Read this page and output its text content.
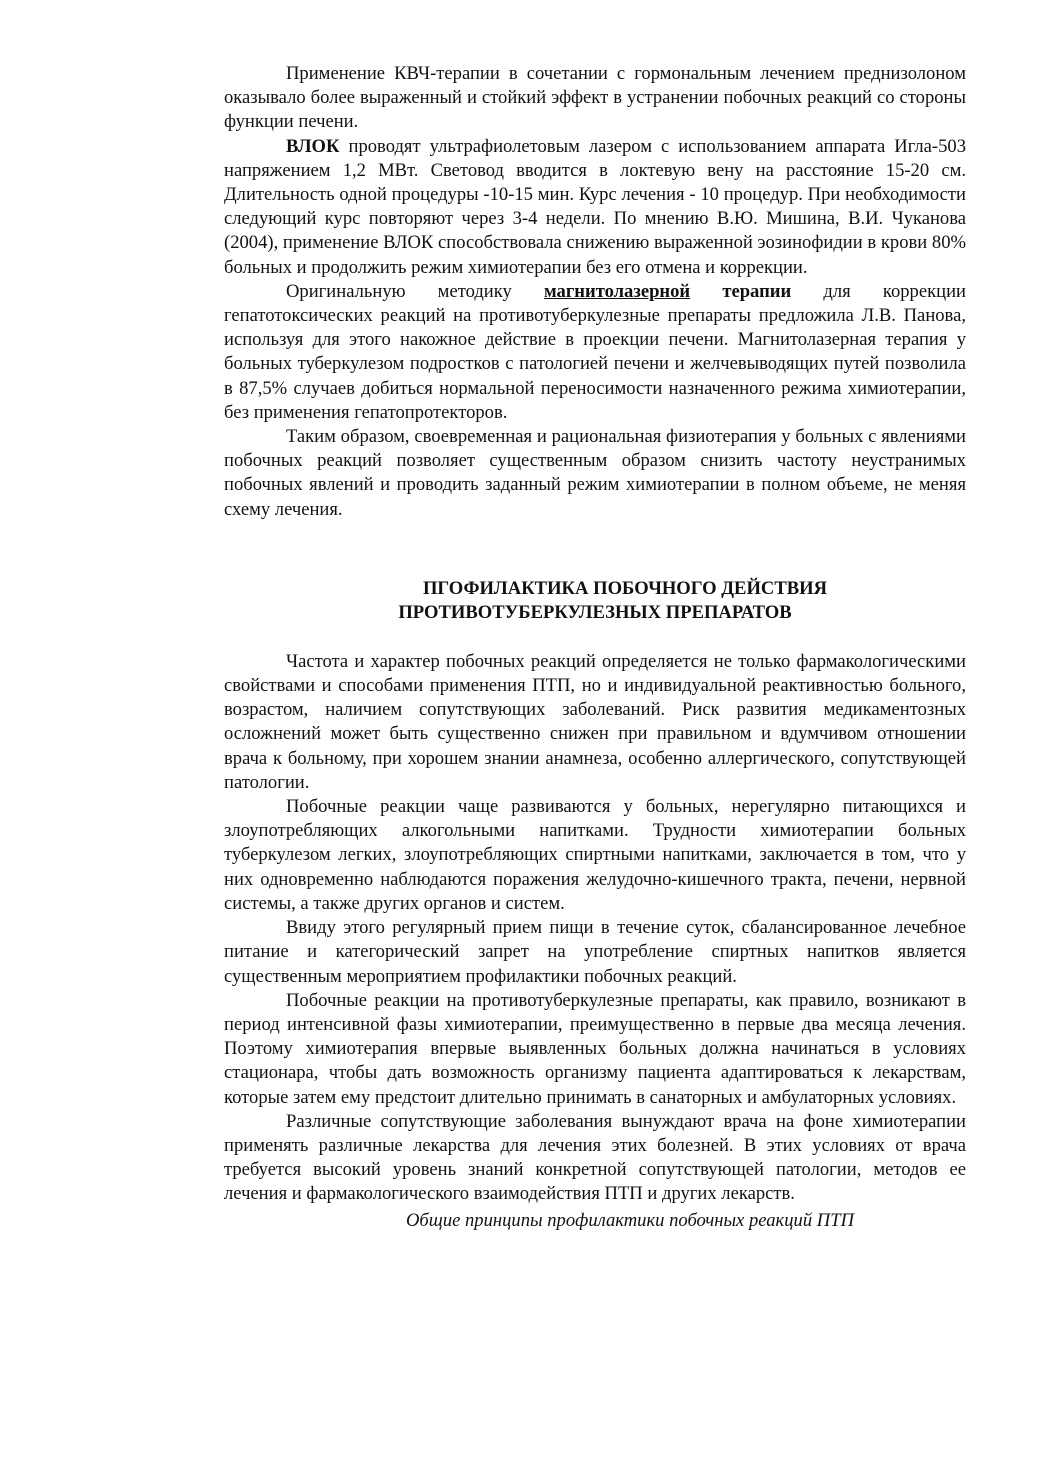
Применение КВЧ-терапии в сочетании с гормональным лечением преднизолоном оказывало более выраженный и стойкий эффект в устранении побочных реакций со стороны функции печени.

ВЛОК проводят ультрафиолетовым лазером с использованием аппарата Игла-503 напряжением 1,2 МВт. Световод вводится в локтевую вену на расстояние 15-20 см. Длительность одной процедуры -10-15 мин. Курс лечения - 10 процедур. При необходимости следующий курс повторяют через 3-4 недели. По мнению В.Ю. Мишина, В.И. Чуканова (2004), применение ВЛОК способствовала снижению выраженной эозинофидии в крови 80% больных и продолжить режим химиотерапии без его отмена и коррекции.

Оригинальную методику магнитолазерной терапии для коррекции гепатотоксических реакций на противотуберкулезные препараты предложила Л.В. Панова, используя для этого накожное действие в проекции печени. Магнитолазерная терапия у больных туберкулезом подростков с патологией печени и желчевыводящих путей позволила в 87,5% случаев добиться нормальной переносимости назначенного режима химиотерапии, без применения гепатопротекторов.

Таким образом, своевременная и рациональная физиотерапия у больных с явлениями побочных реакций позволяет существенным образом снизить частоту неустранимых побочных явлений и проводить заданный режим химиотерапии в полном объеме, не меняя схему лечения.

ПГОФИЛАКТИКА ПОБОЧНОГО ДЕЙСТВИЯ
ПРОТИВОТУБЕРКУЛЕЗНЫХ ПРЕПАРАТОВ

Частота и характер побочных реакций определяется не только фармакологическими свойствами и способами применения ПТП, но и индивидуальной реактивностью больного, возрастом, наличием сопутствующих заболеваний. Риск развития медикаментозных осложнений может быть существенно снижен при правильном и вдумчивом отношении врача к больному, при хорошем знании анамнеза, особенно аллергического, сопутствующей патологии.

Побочные реакции чаще развиваются у больных, нерегулярно питающихся и злоупотребляющих алкогольными напитками. Трудности химиотерапии больных туберкулезом легких, злоупотребляющих спиртными напитками, заключается в том, что у них одновременно наблюдаются поражения желудочно-кишечного тракта, печени, нервной системы, а также других органов и систем.

Ввиду этого регулярный прием пищи в течение суток, сбалансированное лечебное питание и категорический запрет на употребление спиртных напитков является существенным мероприятием профилактики побочных реакций.

Побочные реакции на противотуберкулезные препараты, как правило, возникают в период интенсивной фазы химиотерапии, преимущественно в первые два месяца лечения. Поэтому химиотерапия впервые выявленных больных должна начинаться в условиях стационара, чтобы дать возможность организму пациента адаптироваться к лекарствам, которые затем ему предстоит длительно принимать в санаторных и амбулаторных условиях.

Различные сопутствующие заболевания вынуждают врача на фоне химиотерапии применять различные лекарства для лечения этих болезней. В этих условиях от врача требуется высокий уровень знаний конкретной сопутствующей патологии, методов ее лечения и фармакологического взаимодействия ПТП и других лекарств.

Общие принципы профилактики побочных реакций ПТП
